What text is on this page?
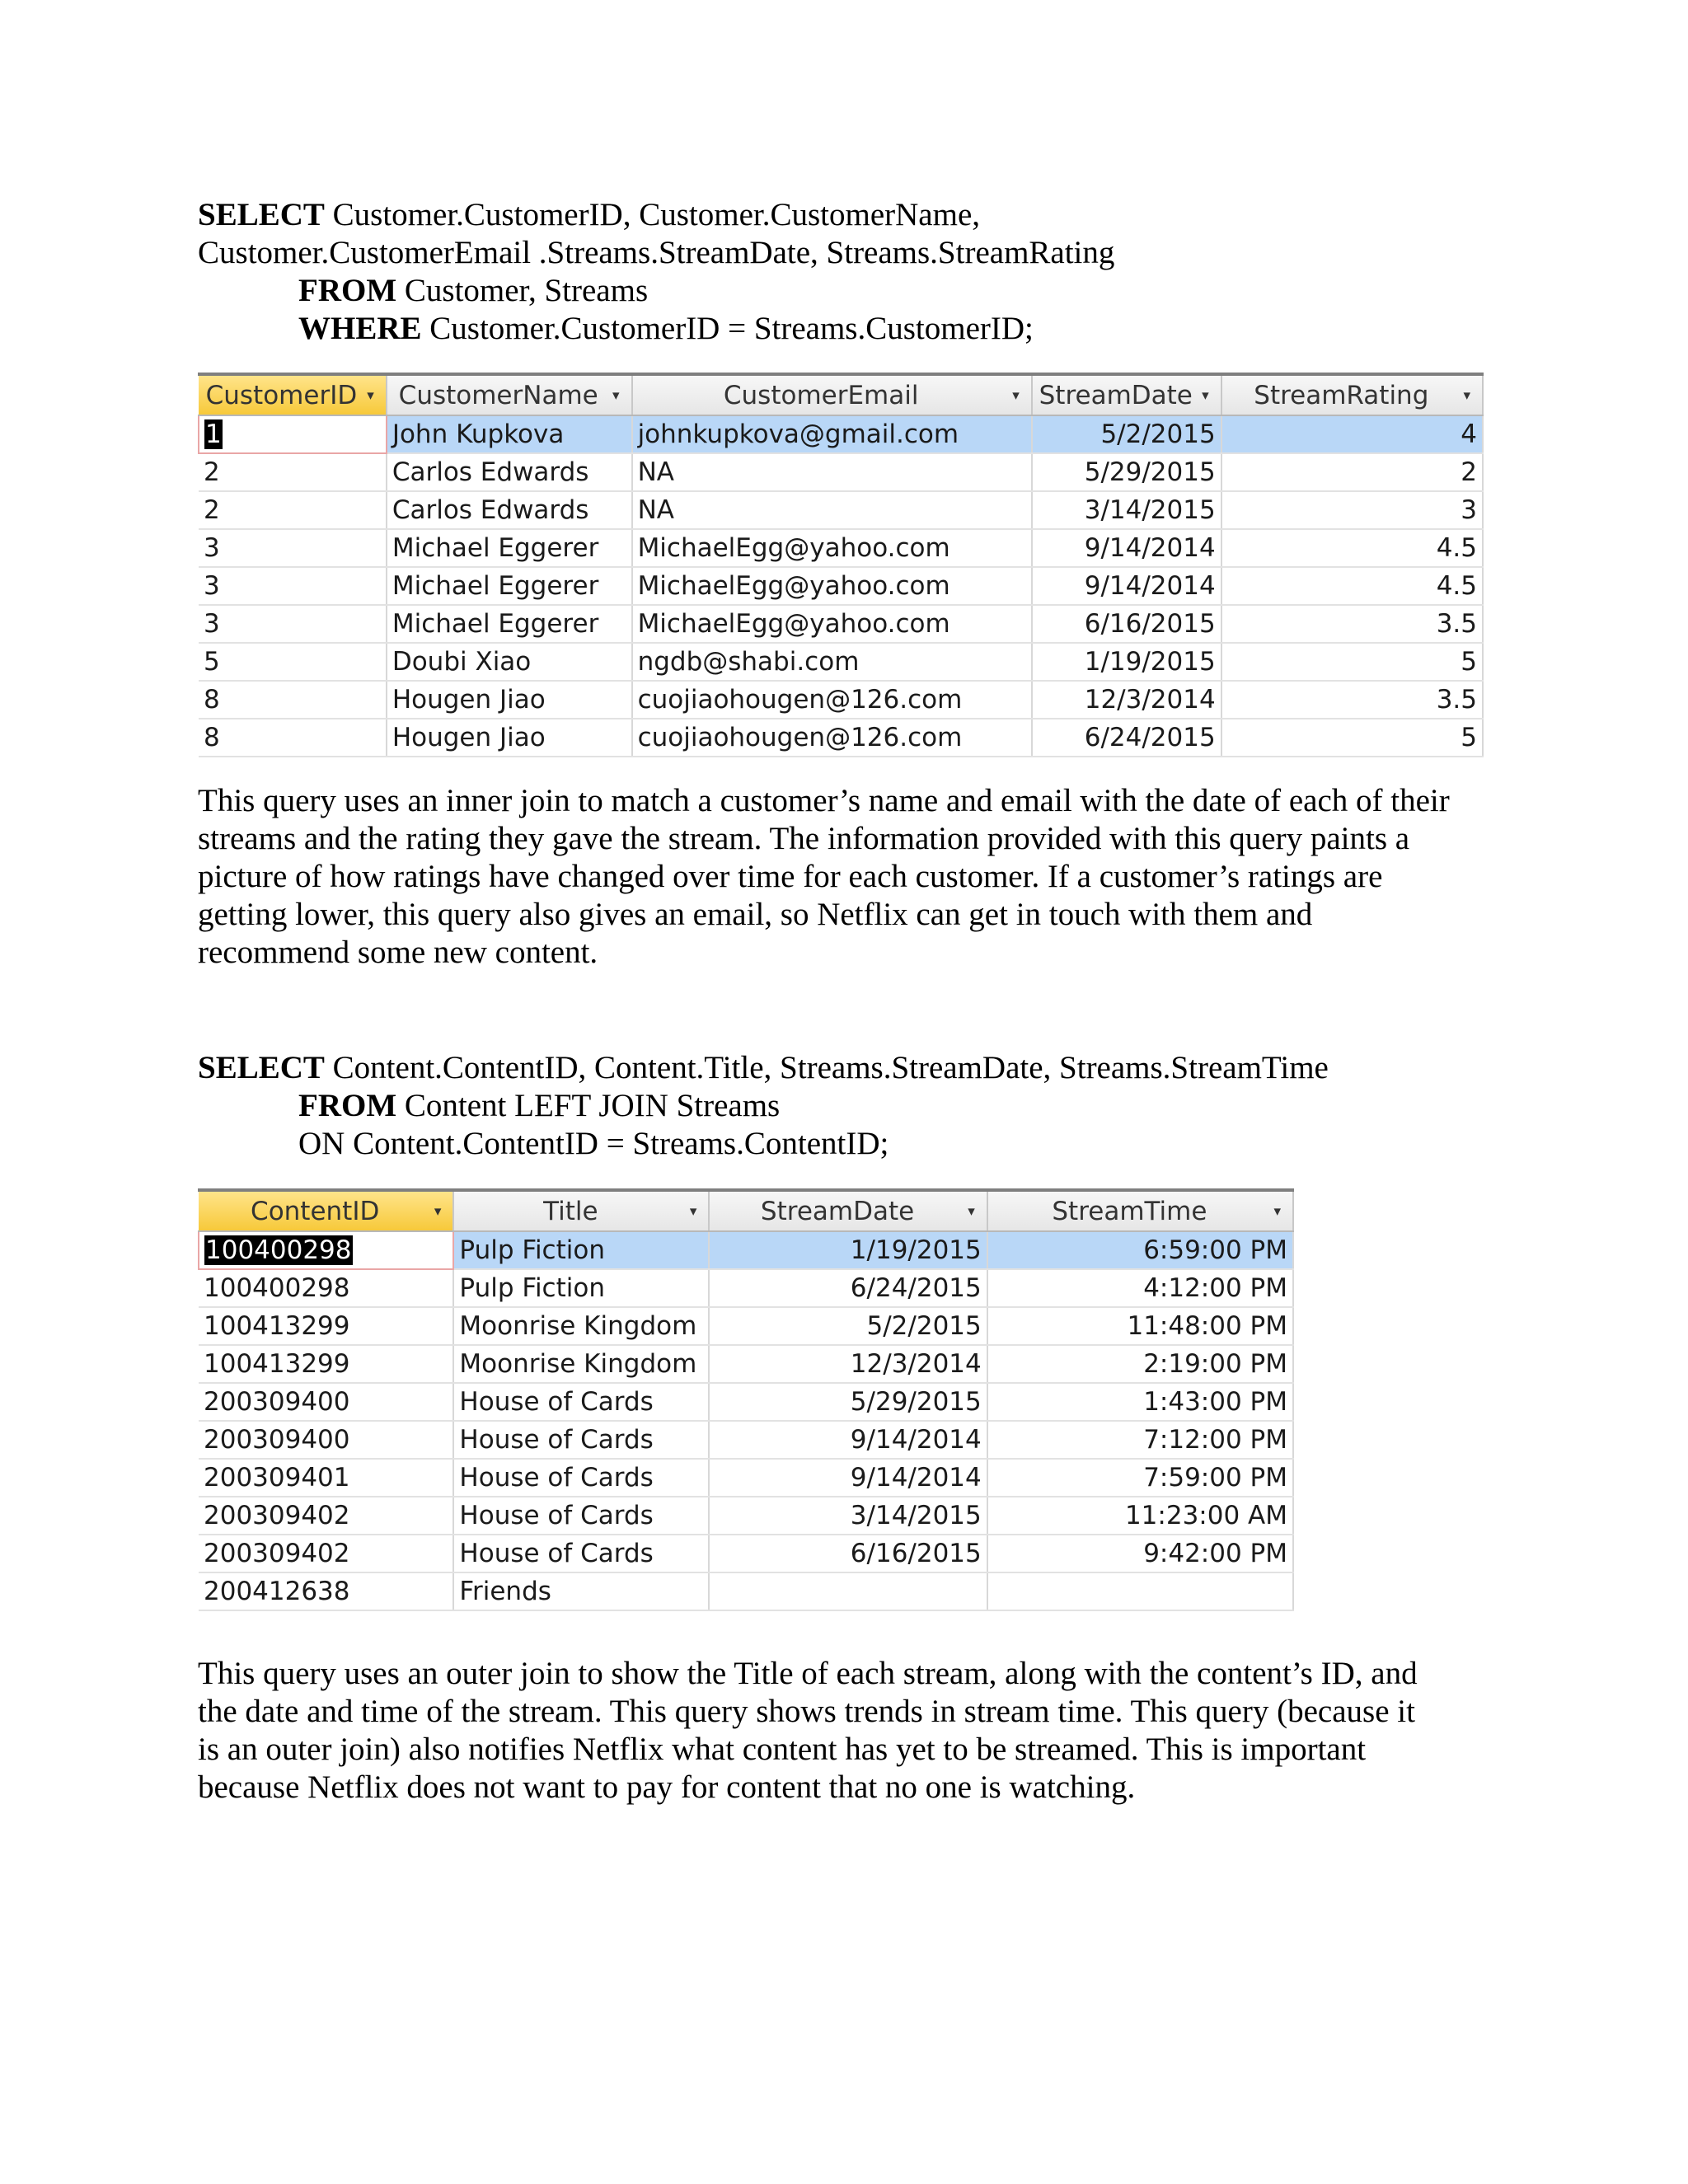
SELECT Customer.CustomerID, Customer.CustomerName,
Customer.CustomerEmail .Streams.StreamDate, Streams.StreamRating
FROM Customer, Streams
WHERE Customer.CustomerID = Streams.CustomerID;
CustomerID ▾	CustomerName ▾	CustomerEmail ▾	StreamDate ▾	StreamRating ▾

1	John Kupkova	johnkupkova@gmail.com	5/2/2015	4
2	Carlos Edwards	NA	5/29/2015	2
2	Carlos Edwards	NA	3/14/2015	3
3	Michael Eggerer	MichaelEgg@yahoo.com	9/14/2014	4.5
3	Michael Eggerer	MichaelEgg@yahoo.com	9/14/2014	4.5
3	Michael Eggerer	MichaelEgg@yahoo.com	6/16/2015	3.5
5	Doubi Xiao	ngdb@shabi.com	1/19/2015	5
8	Hougen Jiao	cuojiaohougen@126.com	12/3/2014	3.5
8	Hougen Jiao	cuojiaohougen@126.com	6/24/2015	5
This query uses an inner join to match a customer’s name and email with the date of each of their
streams and the rating they gave the stream. The information provided with this query paints a
picture of how ratings have changed over time for each customer. If a customer’s ratings are
getting lower, this query also gives an email, so Netflix can get in touch with them and
recommend some new content.
SELECT Content.ContentID, Content.Title, Streams.StreamDate, Streams.StreamTime
FROM Content LEFT JOIN Streams
ON Content.ContentID = Streams.ContentID;
ContentID ▾	Title ▾	StreamDate ▾	StreamTime ▾

100400298	Pulp Fiction	1/19/2015	6:59:00 PM
100400298	Pulp Fiction	6/24/2015	4:12:00 PM
100413299	Moonrise Kingdom	5/2/2015	11:48:00 PM
100413299	Moonrise Kingdom	12/3/2014	2:19:00 PM
200309400	House of Cards	5/29/2015	1:43:00 PM
200309400	House of Cards	9/14/2014	7:12:00 PM
200309401	House of Cards	9/14/2014	7:59:00 PM
200309402	House of Cards	3/14/2015	11:23:00 AM
200309402	House of Cards	6/16/2015	9:42:00 PM
200412638	Friends		
This query uses an outer join to show the Title of each stream, along with the content’s ID, and
the date and time of the stream. This query shows trends in stream time. This query (because it
is an outer join) also notifies Netflix what content has yet to be streamed. This is important
because Netflix does not want to pay for content that no one is watching.
